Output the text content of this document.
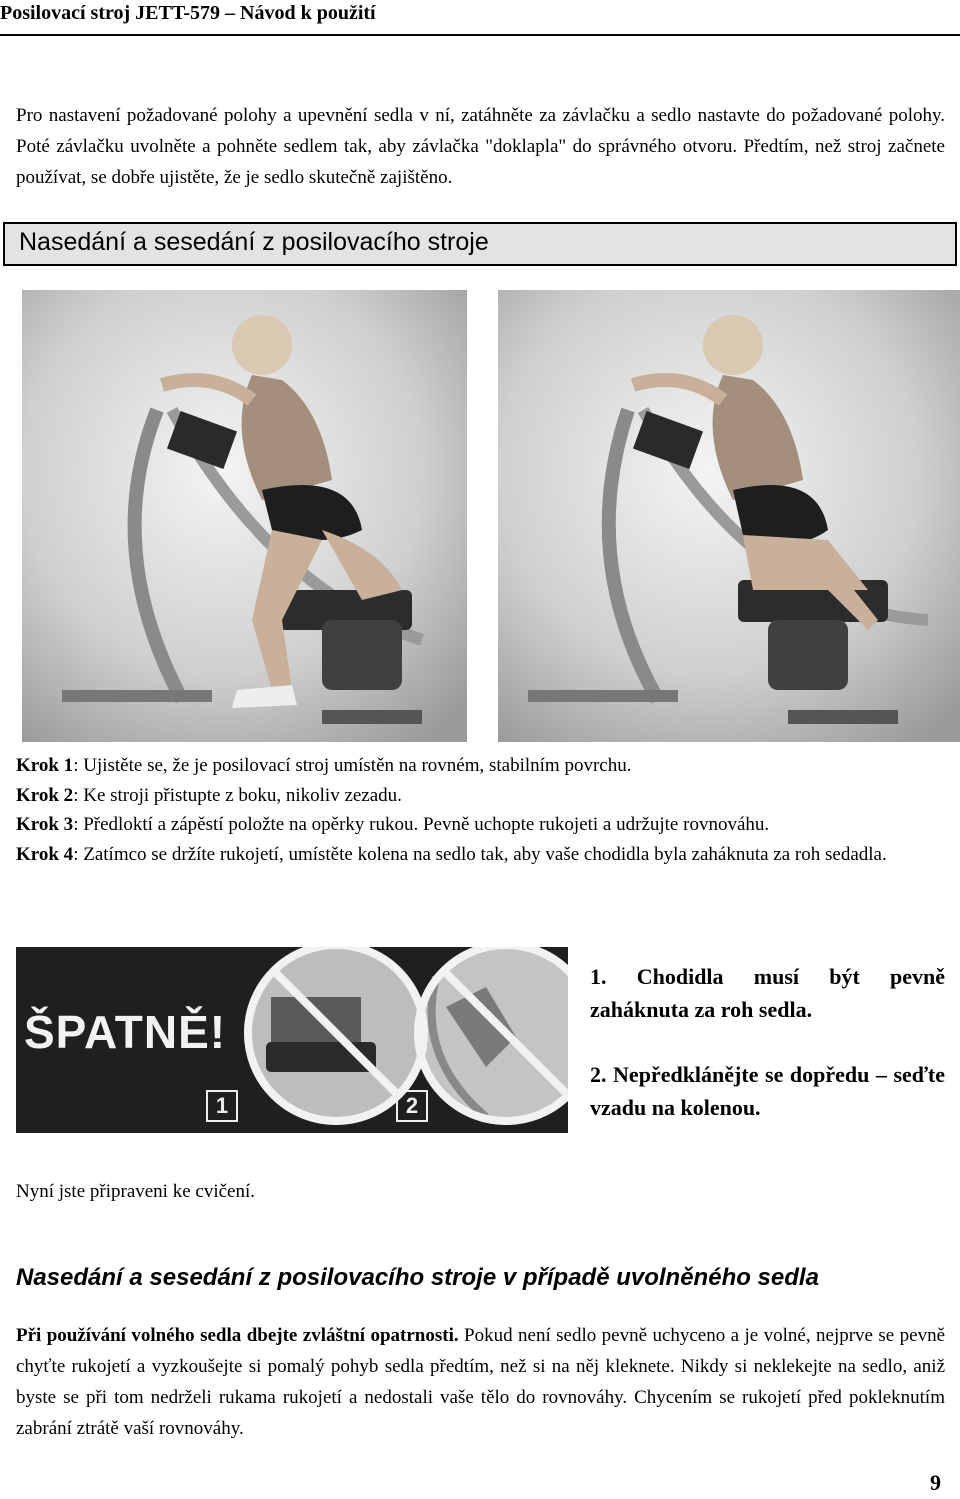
Posilovací stroj JETT-579 – Návod k použití

Pro nastavení požadované polohy a upevnění sedla v ní, zatáhněte za závlačku a sedlo nastavte do požadované polohy. Poté závlačku uvolněte a pohněte sedlem tak, aby závlačka "doklapla" do správného otvoru. Předtím, než stroj začnete používat, se dobře ujistěte, že je sedlo skutečně zajištěno.

Nasedání a sesedání z posilovacího stroje

Krok 1: Ujistěte se, že je posilovací stroj umístěn na rovném, stabilním povrchu.

Krok 2: Ke stroji přistupte z boku, nikoliv zezadu.

Krok 3: Předloktí a zápěstí položte na opěrky rukou. Pevně uchopte rukojeti a udržujte rovnováhu.

Krok 4: Zatímco se držíte rukojetí, umístěte kolena na sedlo tak, aby vaše chodidla byla zaháknuta za roh sedadla.

ŠPATNĚ!
1	2

1. Chodidla musí být pevně zaháknuta za roh sedla.

2. Nepředklánějte se dopředu – seďte vzadu na kolenou.

Nyní jste připraveni ke cvičení.
Nasedání a sesedání z posilovacího stroje v případě uvolněného sedla

Při používání volného sedla dbejte zvláštní opatrnosti. Pokud není sedlo pevně uchyceno a je volné, nejprve se pevně chyťte rukojetí a vyzkoušejte si pomalý pohyb sedla předtím, než si na něj kleknete. Nikdy si neklekejte na sedlo, aniž byste se při tom nedrželi rukama rukojetí a nedostali vaše tělo do rovnováhy. Chycením se rukojetí před pokleknutím zabrání ztrátě vaší rovnováhy.

9
